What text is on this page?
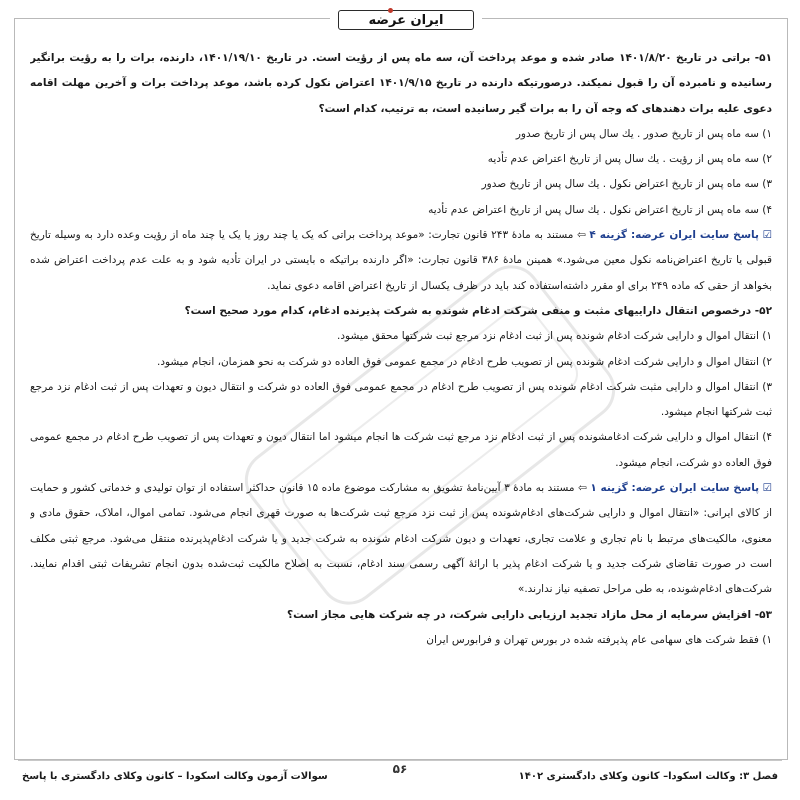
ایران عرضه

۵۱- براتی در تاریخ ۱۴۰۱/۸/۲۰ صادر شده و موعد پرداخت آن، سه ماه پس از رؤیت است. در تاریخ ۱۴۰۱/۱۹/۱۰، دارنده، برات را به رؤیت برانگیر رسانیده و نامبرده آن را قبول نمیکند. درصورتیکه دارنده در تاریخ ۱۴۰۱/۹/۱۵ اعتراض نکول کرده باشد، موعد پرداخت برات و آخرین مهلت اقامه دعوی علیه برات دهندهای که وجه آن را به برات گیر رسانیده است، به ترتیب، کدام است؟

۱) سه ماه پس از تاریخ صدور . یك سال پس از تاریخ صدور

۲) سه ماه پس از رؤیت . یك سال پس از تاریخ اعتراض عدم تأدیه

۳) سه ماه پس از تاریخ اعتراض نکول . یك سال پس از تاریخ صدور

۴) سه ماه پس از تاریخ اعتراض نکول . یك سال پس از تاریخ اعتراض عدم تأدیه

☑ پاسخ سایت ایران عرضه: گزینه ۴ ⇦ مستند به مادهٔ ۲۴۳ قانون تجارت: «موعد پرداخت براتی که یک یا چند روز یا یک یا چند ماه از رؤیت وعده دارد به وسیله تاریخ قبولی یا تاریخ اعتراض‌نامه نکول معین می‌شود.» همینن مادهٔ ۳۸۶ قانون تجارت: «اگر دارنده براتیکه ه بایستی در ایران تأدیه شود و به علت عدم پرداخت اعتراض شده بخواهد از حقی که ماده ۲۴۹ برای او مقرر داشته‌استفاده کند باید در ظرف یکسال از تاریخ اعتراض اقامه دعوی نماید.

۵۲- درخصوص انتقال داراییهای مثبت و منفی شرکت ادغام شونده به شرکت پذیرنده ادغام، کدام مورد صحیح است؟

۱) انتقال اموال و دارایی شرکت ادغام شونده پس از ثبت ادغام نزد مرجع ثبت شرکتها محقق میشود.

۲) انتقال اموال و دارایی شرکت ادغام شونده پس از تصویب طرح ادغام در مجمع عمومی فوق العاده دو شرکت به نحو همزمان، انجام میشود.

۳) انتقال اموال و دارایی مثبت شرکت ادغام شونده پس از تصویب طرح ادغام در مجمع عمومی فوق العاده دو شرکت و انتقال دیون و تعهدات پس از ثبت ادغام نزد مرجع ثبت شرکتها انجام میشود.

۴) انتقال اموال و دارایی شرکت ادغامشونده پس از ثبت ادغام نزد مرجع ثبت شرکت ها انجام میشود اما انتقال دیون و تعهدات پس از تصویب طرح ادغام در مجمع عمومی فوق العاده دو شرکت، انجام میشود.

☑ پاسخ سایت ایران عرضه: گزینه ۱ ⇦ مستند به مادهٔ ۳ آیین‌نامهٔ تشویق به مشارکت موضوع ماده ۱۵ قانون حداکثر استفاده از توان تولیدی و خدماتی کشور و حمایت از کالای ایرانی: «انتقال اموال و دارایی شرکت‌های ادغام‌شونده پس از ثبت نزد مرجع ثبت شرکت‌ها به صورت قهری انجام می‌شود. تمامی اموال، املاک، حقوق مادی و معنوی، مالکیت‌های مرتبط با نام تجاری و علامت تجاری، تعهدات و دیون شرکت ادغام شونده به شرکت جدید و یا شرکت ادغام‌پذیرنده منتقل می‌شود. مرجع ثبتی مکلف است در صورت تقاضای شرکت جدید و یا شرکت ادغام پذیر با ارائهٔ آگهی رسمی سند ادغام، نسبت به اصلاح مالکیت ثبت‌شده بدون انجام تشریفات ثبتی اقدام نمایند. شرکت‌های ادغام‌شونده، به طی مراحل تصفیه نیاز ندارند.»

۵۳- افزایش سرمایه از محل مازاد تجدید ارزیابی دارایی شرکت، در چه شرکت هایی مجاز است؟

۱) فقط شرکت های سهامی عام پذیرفته شده در بورس تهران و فرابورس ایران

۵۶
سوالات آزمون وکالت اسکودا – کانون وکلای دادگستری با پاسخ	فصل ۳: وکالت اسکودا– کانون وکلای دادگستری ۱۴۰۲
